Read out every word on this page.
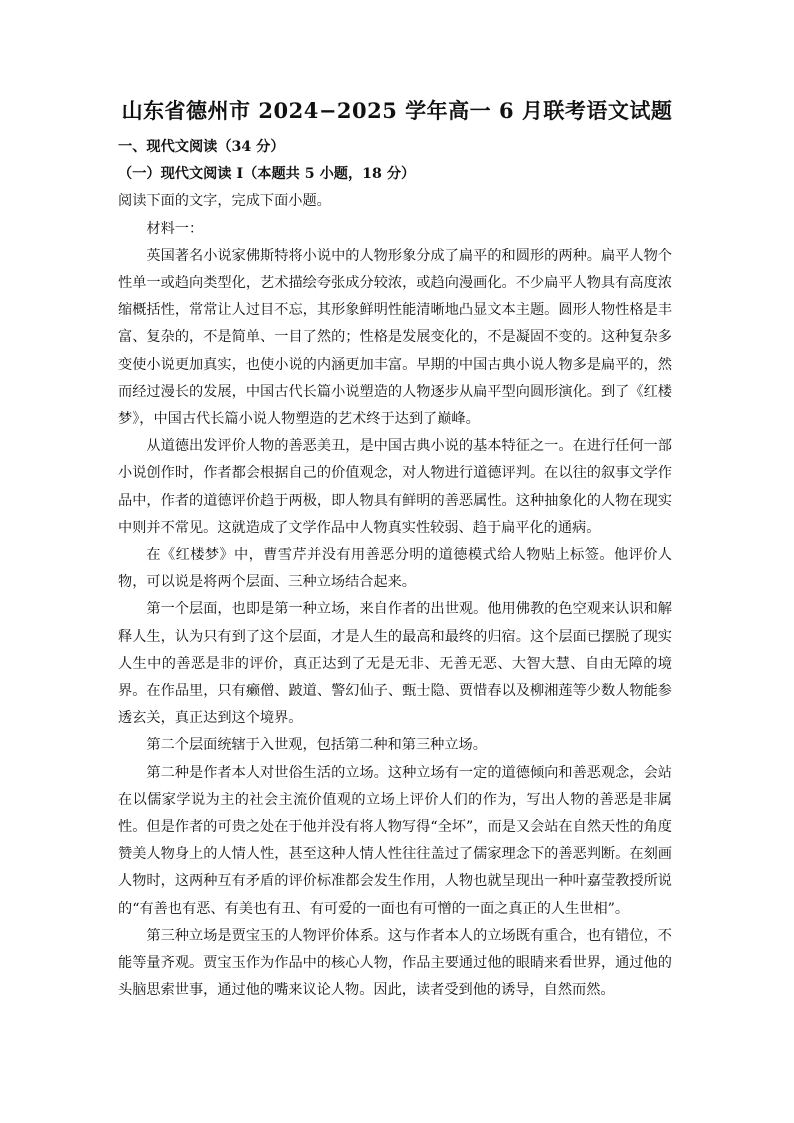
山东省德州市 2024−2025 学年高一 6 月联考语文试题
一、现代文阅读（34 分）
（一）现代文阅读 I（本题共 5 小题，18 分）

阅读下面的文字，完成下面小题。

材料一：

英国著名小说家佛斯特将小说中的人物形象分成了扁平的和圆形的两种。扁平人物个性单一或趋向类型化，艺术描绘夸张成分较浓，或趋向漫画化。不少扁平人物具有高度浓缩概括性，常常让人过目不忘，其形象鲜明性能清晰地凸显文本主题。圆形人物性格是丰富、复杂的，不是简单、一目了然的；性格是发展变化的，不是凝固不变的。这种复杂多变使小说更加真实，也使小说的内涵更加丰富。早期的中国古典小说人物多是扁平的，然而经过漫长的发展，中国古代长篇小说塑造的人物逐步从扁平型向圆形演化。到了《红楼梦》，中国古代长篇小说人物塑造的艺术终于达到了巅峰。

从道德出发评价人物的善恶美丑，是中国古典小说的基本特征之一。在进行任何一部小说创作时，作者都会根据自己的价值观念，对人物进行道德评判。在以往的叙事文学作品中，作者的道德评价趋于两极，即人物具有鲜明的善恶属性。这种抽象化的人物在现实中则并不常见。这就造成了文学作品中人物真实性较弱、趋于扁平化的通病。

在《红楼梦》中，曹雪芹并没有用善恶分明的道德模式给人物贴上标签。他评价人物，可以说是将两个层面、三种立场结合起来。

第一个层面，也即是第一种立场，来自作者的出世观。他用佛教的色空观来认识和解释人生，认为只有到了这个层面，才是人生的最高和最终的归宿。这个层面已摆脱了现实人生中的善恶是非的评价，真正达到了无是无非、无善无恶、大智大慧、自由无障的境界。在作品里，只有癞僧、跛道、警幻仙子、甄士隐、贾惜春以及柳湘莲等少数人物能参透玄关，真正达到这个境界。

第二个层面统辖于入世观，包括第二种和第三种立场。

第二种是作者本人对世俗生活的立场。这种立场有一定的道德倾向和善恶观念，会站在以儒家学说为主的社会主流价值观的立场上评价人们的作为，写出人物的善恶是非属性。但是作者的可贵之处在于他并没有将人物写得“全坏”，而是又会站在自然天性的角度赞美人物身上的人情人性，甚至这种人情人性往往盖过了儒家理念下的善恶判断。在刻画人物时，这两种互有矛盾的评价标准都会发生作用，人物也就呈现出一种叶嘉莹教授所说的“有善也有恶、有美也有丑、有可爱的一面也有可憎的一面之真正的人生世相”。

第三种立场是贾宝玉的人物评价体系。这与作者本人的立场既有重合，也有错位，不能等量齐观。贾宝玉作为作品中的核心人物，作品主要通过他的眼睛来看世界，通过他的头脑思索世事，通过他的嘴来议论人物。因此，读者受到他的诱导，自然而然。
